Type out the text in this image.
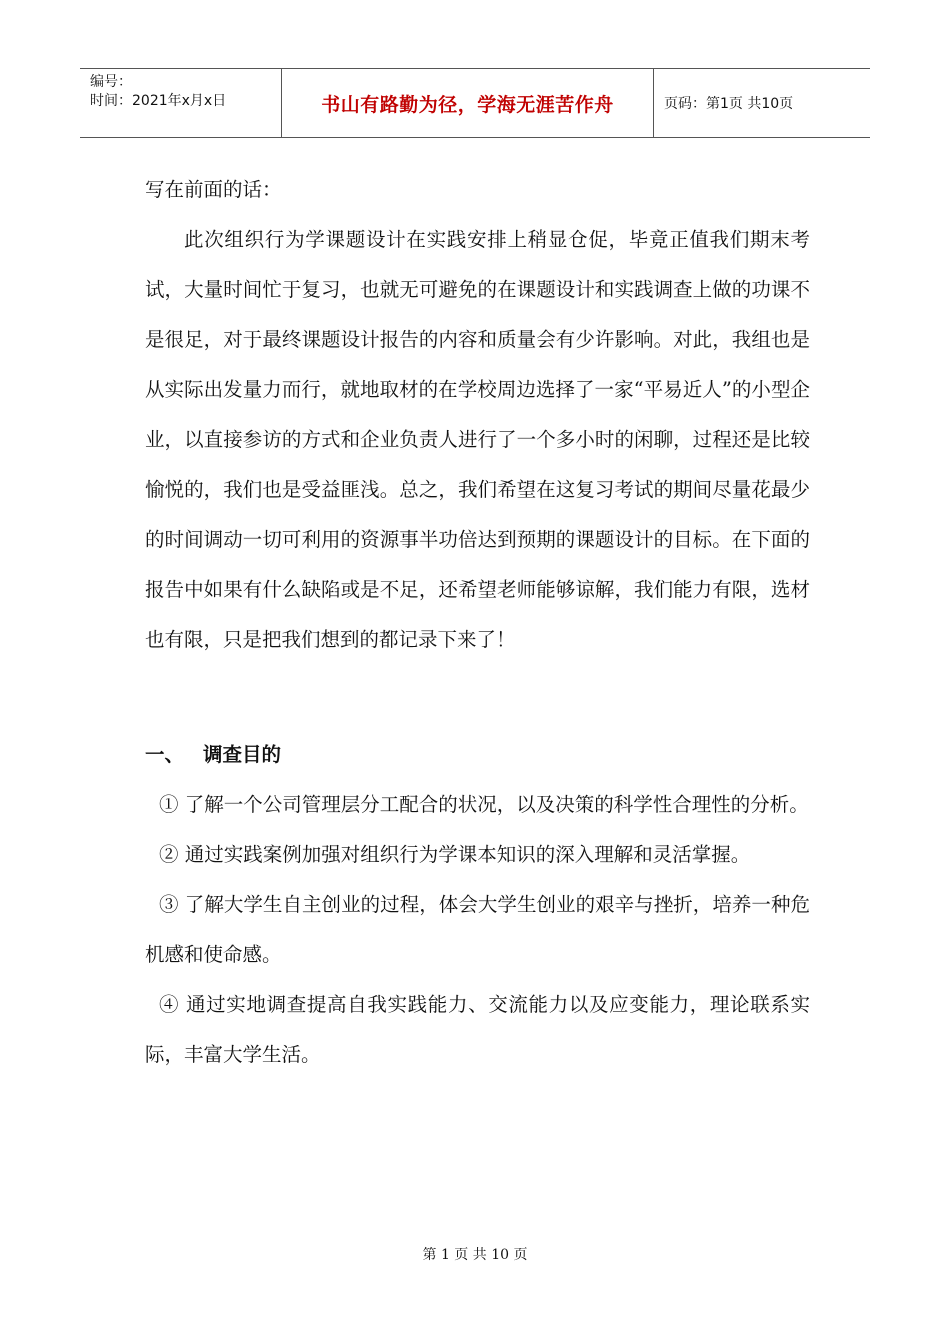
编号：
时间：2021年x月x日	书山有路勤为径，学海无涯苦作舟	页码：第1页 共10页

写在前面的话：

此次组织行为学课题设计在实践安排上稍显仓促，毕竟正值我们期末考试，大量时间忙于复习，也就无可避免的在课题设计和实践调查上做的功课不是很足，对于最终课题设计报告的内容和质量会有少许影响。对此，我组也是从实际出发量力而行，就地取材的在学校周边选择了一家“平易近人”的小型企业，以直接参访的方式和企业负责人进行了一个多小时的闲聊，过程还是比较愉悦的，我们也是受益匪浅。总之，我们希望在这复习考试的期间尽量花最少的时间调动一切可利用的资源事半功倍达到预期的课题设计的目标。在下面的报告中如果有什么缺陷或是不足，还希望老师能够谅解，我们能力有限，选材也有限，只是把我们想到的都记录下来了！

一、 调查目的

① 了解一个公司管理层分工配合的状况，以及决策的科学性合理性的分析。

② 通过实践案例加强对组织行为学课本知识的深入理解和灵活掌握。

③ 了解大学生自主创业的过程，体会大学生创业的艰辛与挫折，培养一种危机感和使命感。

④ 通过实地调查提高自我实践能力、交流能力以及应变能力，理论联系实际，丰富大学生活。

第 1 页 共 10 页
